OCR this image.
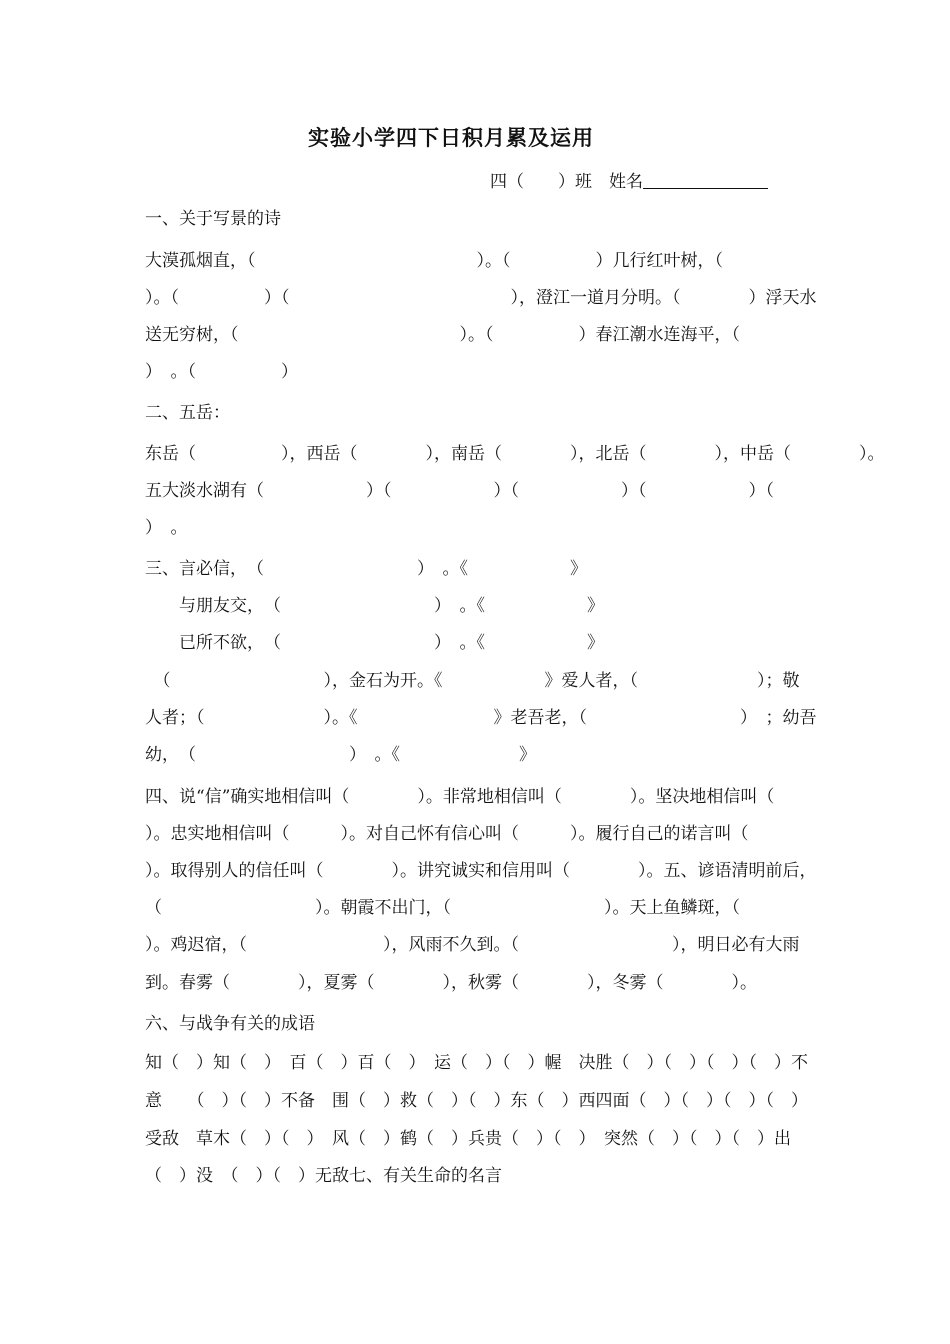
实验小学四下日积月累及运用
四（　　）班　姓名
一、关于写景的诗
大漠孤烟直，（　　　　　　　　　　　　　）。（　　　　　）几行红叶树，（
）。（　　　　　）（　　　　　　　　　　　　　），澄江一道月分明。（　　　　）浮天水
送无穷树，（　　　　　　　　　　　　　）。（　　　　　）春江潮水连海平，（
）　。（　　　　　）
二、五岳：
东岳（　　　　　），西岳（　　　　），南岳（　　　　），北岳（　　　　），中岳（　　　　）。
五大淡水湖有（　　　　　　）（　　　　　　）（　　　　　　）（　　　　　　）（
）　。
三、言必信，　（　　　　　　　　　）　。《　　　　　　》
　　与朋友交，　（　　　　　　　　　）　。《　　　　　　》
　　已所不欲，　（　　　　　　　　　）　。《　　　　　　》
　（　　　　　　　　　），金石为开。《　　　　　　》爱人者，（　　　　　　　）；敬
人者；（　　　　　　　）。《　　　　　　　　》老吾老，（　　　　　　　　　）　；幼吾
幼，　（　　　　　　　　　）　。《　　　　　　　》
四、说“信”确实地相信叫（　　　　）。非常地相信叫（　　　　）。坚决地相信叫（
）。忠实地相信叫（　　　）。对自己怀有信心叫（　　　）。履行自己的诺言叫（
）。取得别人的信任叫（　　　　）。讲究诚实和信用叫（　　　　）。五、谚语清明前后，
（　　　　　　　　　）。朝霞不出门，（　　　　　　　　　）。天上鱼鳞斑，（
）。鸡迟宿，（　　　　　　　　），风雨不久到。（　　　　　　　　　），明日必有大雨
到。春雾（　　　　），夏雾（　　　　），秋雾（　　　　），冬雾（　　　　）。
六、与战争有关的成语
知（　）知（　）　百（　）百（　）　运（　）（　）幄　决胜（　）（　）（　）（　）不
意　　（　）（　）不备　围（　）救（　）（　）东（　）西四面（　）（　）（　）（　）
受敌　草木（　）（　）　风（　）鹤（　）兵贵（　）（　）　突然（　）（　）（　）出
（　）没　（　）（　）无敌七、有关生命的名言
